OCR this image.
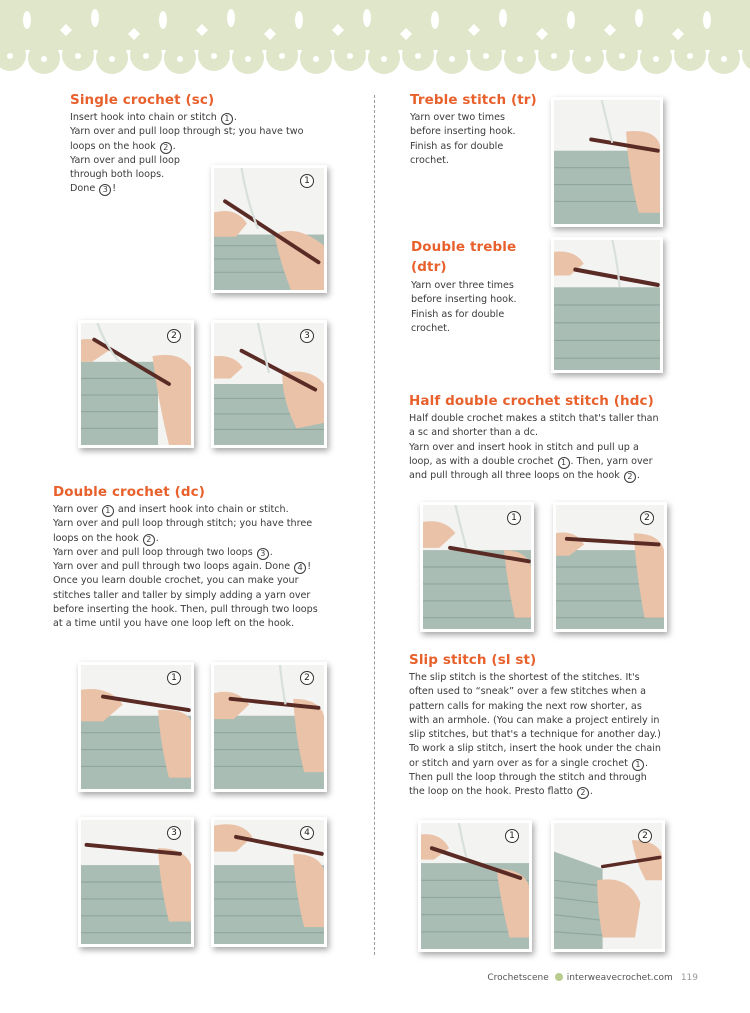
Single crochet (sc)
Insert hook into chain or stitch 1 .
Yarn over and pull loop through st; you have two
loops on the hook 2 .
Yarn over and pull loop
through both loops.
Done 3 !
1
2	3
Double crochet (dc)
Yarn over 1 and insert hook into chain or stitch.
Yarn over and pull loop through stitch; you have three
loops on the hook 2 .
Yarn over and pull loop through two loops 3 .
Yarn over and pull through two loops again. Done 4 !
Once you learn double crochet, you can make your
stitches taller and taller by simply adding a yarn over
before inserting the hook. Then, pull through two loops
at a time until you have one loop left on the hook.
1	2
3	4
Treble stitch (tr)
Yarn over two times
before inserting hook.
Finish as for double
crochet.
Double treble
(dtr)
Yarn over three times
before inserting hook.
Finish as for double
crochet.
Half double crochet stitch (hdc)
Half double crochet makes a stitch that's taller than
a sc and shorter than a dc.
Yarn over and insert hook in stitch and pull up a
loop, as with a double crochet 1 . Then, yarn over
and pull through all three loops on the hook 2 .
1	2
Slip stitch (sl st)
The slip stitch is the shortest of the stitches. It's
often used to “sneak” over a few stitches when a
pattern calls for making the next row shorter, as
with an armhole. (You can make a project entirely in
slip stitches, but that's a technique for another day.)
To work a slip stitch, insert the hook under the chain
or stitch and yarn over as for a single crochet 1 .
Then pull the loop through the stitch and through
the loop on the hook. Presto flatto 2 .
1	2
Crochetscene interweavecrochet.com 119
